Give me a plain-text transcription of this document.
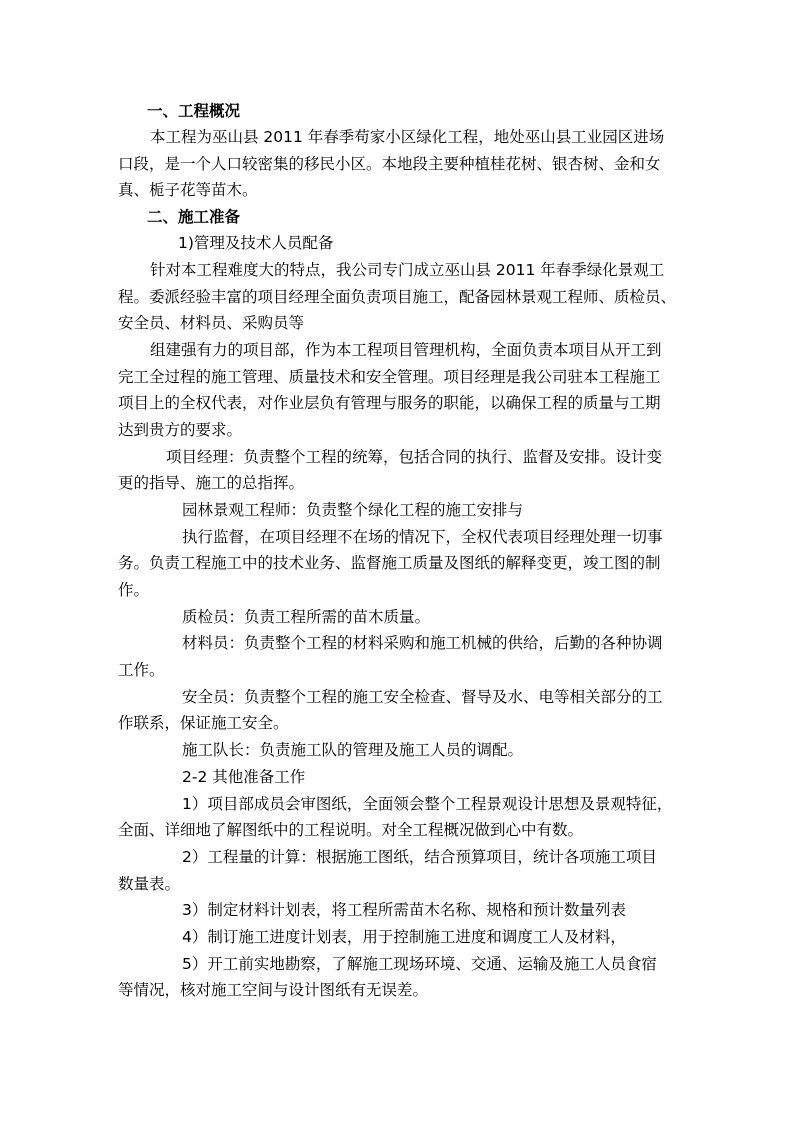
一、工程概况

本工程为巫山县 2011 年春季苟家小区绿化工程，地处巫山县工业园区进场

口段，是一个人口较密集的移民小区。本地段主要种植桂花树、银杏树、金和女

真、栀子花等苗木。

二、施工准备

1)管理及技术人员配备

针对本工程难度大的特点，我公司专门成立巫山县 2011 年春季绿化景观工

程。委派经验丰富的项目经理全面负责项目施工，配备园林景观工程师、质检员、

安全员、材料员、采购员等

组建强有力的项目部，作为本工程项目管理机构，全面负责本项目从开工到

完工全过程的施工管理、质量技术和安全管理。项目经理是我公司驻本工程施工

项目上的全权代表，对作业层负有管理与服务的职能，以确保工程的质量与工期

达到贵方的要求。

项目经理：负责整个工程的统筹，包括合同的执行、监督及安排。设计变

更的指导、施工的总指挥。

园林景观工程师：负责整个绿化工程的施工安排与

执行监督，在项目经理不在场的情况下，全权代表项目经理处理一切事

务。负责工程施工中的技术业务、监督施工质量及图纸的解释变更，竣工图的制

作。

质检员：负责工程所需的苗木质量。

材料员：负责整个工程的材料采购和施工机械的供给，后勤的各种协调

工作。

安全员：负责整个工程的施工安全检查、督导及水、电等相关部分的工

作联系，保证施工安全。

施工队长：负责施工队的管理及施工人员的调配。

2-2 其他准备工作

1）项目部成员会审图纸，全面领会整个工程景观设计思想及景观特征，

全面、详细地了解图纸中的工程说明。对全工程概况做到心中有数。

2）工程量的计算：根据施工图纸，结合预算项目，统计各项施工项目

数量表。

3）制定材料计划表，将工程所需苗木名称、规格和预计数量列表

4）制订施工进度计划表，用于控制施工进度和调度工人及材料，

5）开工前实地勘察，了解施工现场环境、交通、运输及施工人员食宿

等情况，核对施工空间与设计图纸有无误差。
